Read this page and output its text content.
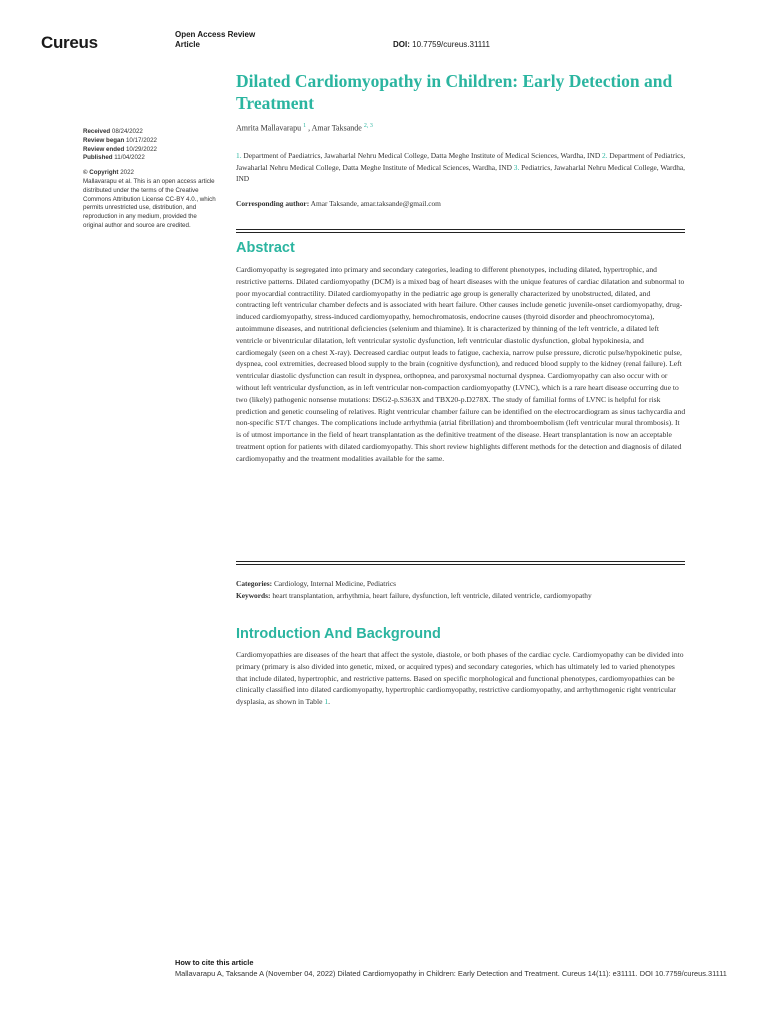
Cureus	Open Access Review
Article	DOI: 10.7759/cureus.31111
Dilated Cardiomyopathy in Children: Early Detection and Treatment
Amrita Mallavarapu $^1$ , Amar Taksande $^{2, 3}$
1. Department of Paediatrics, Jawaharlal Nehru Medical College, Datta Meghe Institute of Medical Sciences, Wardha, IND 2. Department of Pediatrics, Jawaharlal Nehru Medical College, Datta Meghe Institute of Medical Sciences, Wardha, IND 3. Pediatrics, Jawaharlal Nehru Medical College, Wardha, IND
Corresponding author: Amar Taksande, amar.taksande@gmail.com

Received 08/24/2022

Review began 10/17/2022

Review ended 10/29/2022

Published 11/04/2022

© Copyright 2022

Mallavarapu et al. This is an open access article distributed under the terms of the Creative Commons Attribution License CC-BY 4.0., which permits unrestricted use, distribution, and reproduction in any medium, provided the original author and source are credited.

Abstract

Cardiomyopathy is segregated into primary and secondary categories, leading to different phenotypes, including dilated, hypertrophic, and restrictive patterns. Dilated cardiomyopathy (DCM) is a mixed bag of heart diseases with the unique features of cardiac dilatation and subnormal to poor myocardial contractility. Dilated cardiomyopathy in the pediatric age group is generally characterized by unobstructed, dilated, and contracting left ventricular chamber defects and is associated with heart failure. Other causes include genetic juvenile-onset cardiomyopathy, drug-induced cardiomyopathy, stress-induced cardiomyopathy, hemochromatosis, endocrine causes (thyroid disorder and pheochromocytoma), autoimmune diseases, and nutritional deficiencies (selenium and thiamine). It is characterized by thinning of the left ventricle, a dilated left ventricle or biventricular dilatation, left ventricular systolic dysfunction, left ventricular diastolic dysfunction, global hypokinesia, and cardiomegaly (seen on a chest X-ray). Decreased cardiac output leads to fatigue, cachexia, narrow pulse pressure, dicrotic pulse/hypokinetic pulse, dyspnea, cool extremities, decreased blood supply to the brain (cognitive dysfunction), and reduced blood supply to the kidney (renal failure). Left ventricular diastolic dysfunction can result in dyspnea, orthopnea, and paroxysmal nocturnal dyspnea. Cardiomyopathy can also occur with or without left ventricular dysfunction, as in left ventricular non-compaction cardiomyopathy (LVNC), which is a rare heart disease occurring due to two (likely) pathogenic nonsense mutations: DSG2-p.S363X and TBX20-p.D278X. The study of familial forms of LVNC is helpful for risk prediction and genetic counseling of relatives. Right ventricular chamber failure can be identified on the electrocardiogram as sinus tachycardia and non-specific ST/T changes. The complications include arrhythmia (atrial fibrillation) and thromboembolism (left ventricular mural thrombosis). It is of utmost importance in the field of heart transplantation as the definitive treatment of the disease. Heart transplantation is now an acceptable treatment option for patients with dilated cardiomyopathy. This short review highlights different methods for the detection and diagnosis of dilated cardiomyopathy and the treatment modalities available for the same.

Categories: Cardiology, Internal Medicine, Pediatrics

Keywords: heart transplantation, arrhythmia, heart failure, dysfunction, left ventricle, dilated ventricle, cardiomyopathy

Introduction And Background

Cardiomyopathies are diseases of the heart that affect the systole, diastole, or both phases of the cardiac cycle. Cardiomyopathy can be divided into primary (primary is also divided into genetic, mixed, or acquired types) and secondary categories, which has ultimately led to varied phenotypes that include dilated, hypertrophic, and restrictive patterns. Based on specific morphological and functional phenotypes, cardiomyopathies can be clinically classified into dilated cardiomyopathy, hypertrophic cardiomyopathy, restrictive cardiomyopathy, and arrhythmogenic right ventricular dysplasia, as shown in Table 1.

How to cite this article
Mallavarapu A, Taksande A (November 04, 2022) Dilated Cardiomyopathy in Children: Early Detection and Treatment. Cureus 14(11): e31111. DOI 10.7759/cureus.31111
